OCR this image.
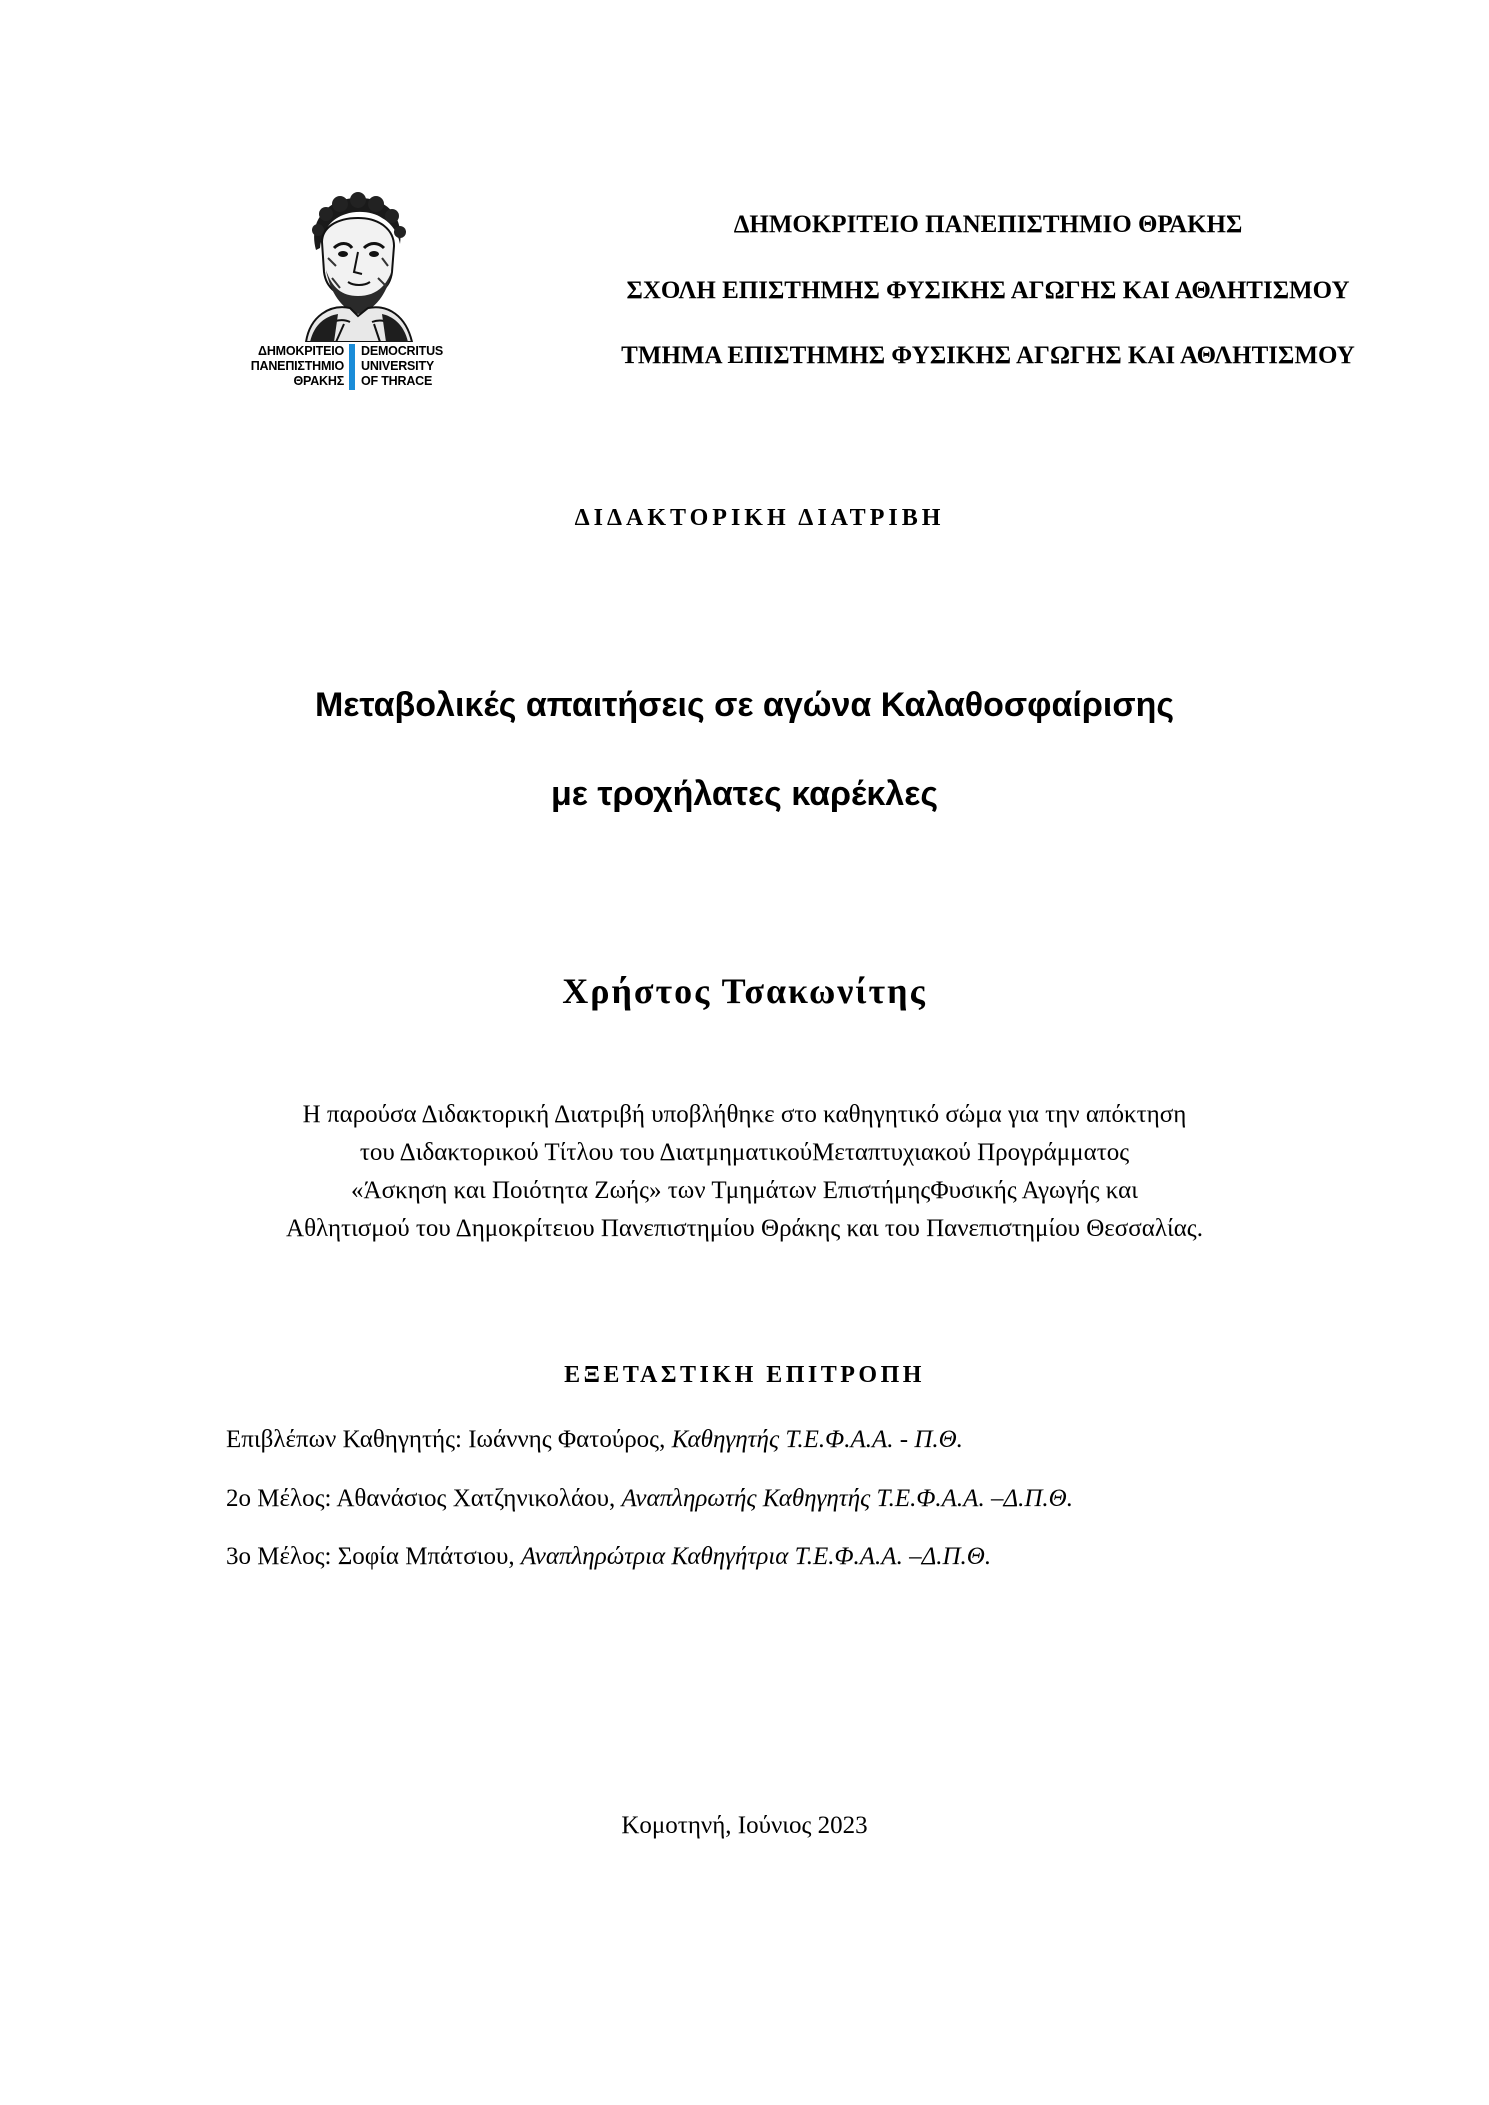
ΔΗΜΟΚΡΙΤΕΙΟ
ΠΑΝΕΠΙΣΤΗΜΙΟ
ΘΡΑΚΗΣ
DEMOCRITUS
UNIVERSITY
OF THRACE
ΔΗΜΟΚΡΙΤΕΙΟ ΠΑΝΕΠΙΣΤΗΜΙΟ ΘΡΑΚΗΣ
ΣΧΟΛΗ ΕΠΙΣΤΗΜΗΣ ΦΥΣΙΚΗΣ ΑΓΩΓΗΣ ΚΑΙ ΑΘΛΗΤΙΣΜΟΥ
ΤΜΗΜΑ ΕΠΙΣΤΗΜΗΣ ΦΥΣΙΚΗΣ ΑΓΩΓΗΣ ΚΑΙ ΑΘΛΗΤΙΣΜΟΥ
ΔΙΔΑΚΤΟΡΙΚΗ ΔΙΑΤΡΙΒΗ
Μεταβολικές απαιτήσεις σε αγώνα Καλαθοσφαίρισης
με τροχήλατες καρέκλες
Χρήστος Τσακωνίτης
Η παρούσα Διδακτορική Διατριβή υποβλήθηκε στο καθηγητικό σώμα για την απόκτηση
του Διδακτορικού Τίτλου του ΔιατμηματικούΜεταπτυχιακού Προγράμματος
«Άσκηση και Ποιότητα Ζωής» των Τμημάτων ΕπιστήμηςΦυσικής Αγωγής και
Αθλητισμού του Δημοκρίτειου Πανεπιστημίου Θράκης και του Πανεπιστημίου Θεσσαλίας.
ΕΞΕΤΑΣΤΙΚΗ ΕΠΙΤΡΟΠΗ
Επιβλέπων Καθηγητής: Ιωάννης Φατούρος, Καθηγητής Τ.Ε.Φ.Α.Α. - Π.Θ.
2ο Μέλος: Αθανάσιος Χατζηνικολάου, Αναπληρωτής Καθηγητής Τ.Ε.Φ.Α.Α. –Δ.Π.Θ.
3ο Μέλος: Σοφία Μπάτσιου, Αναπληρώτρια Καθηγήτρια Τ.Ε.Φ.Α.Α. –Δ.Π.Θ.
Κομοτηνή, Ιούνιος 2023
